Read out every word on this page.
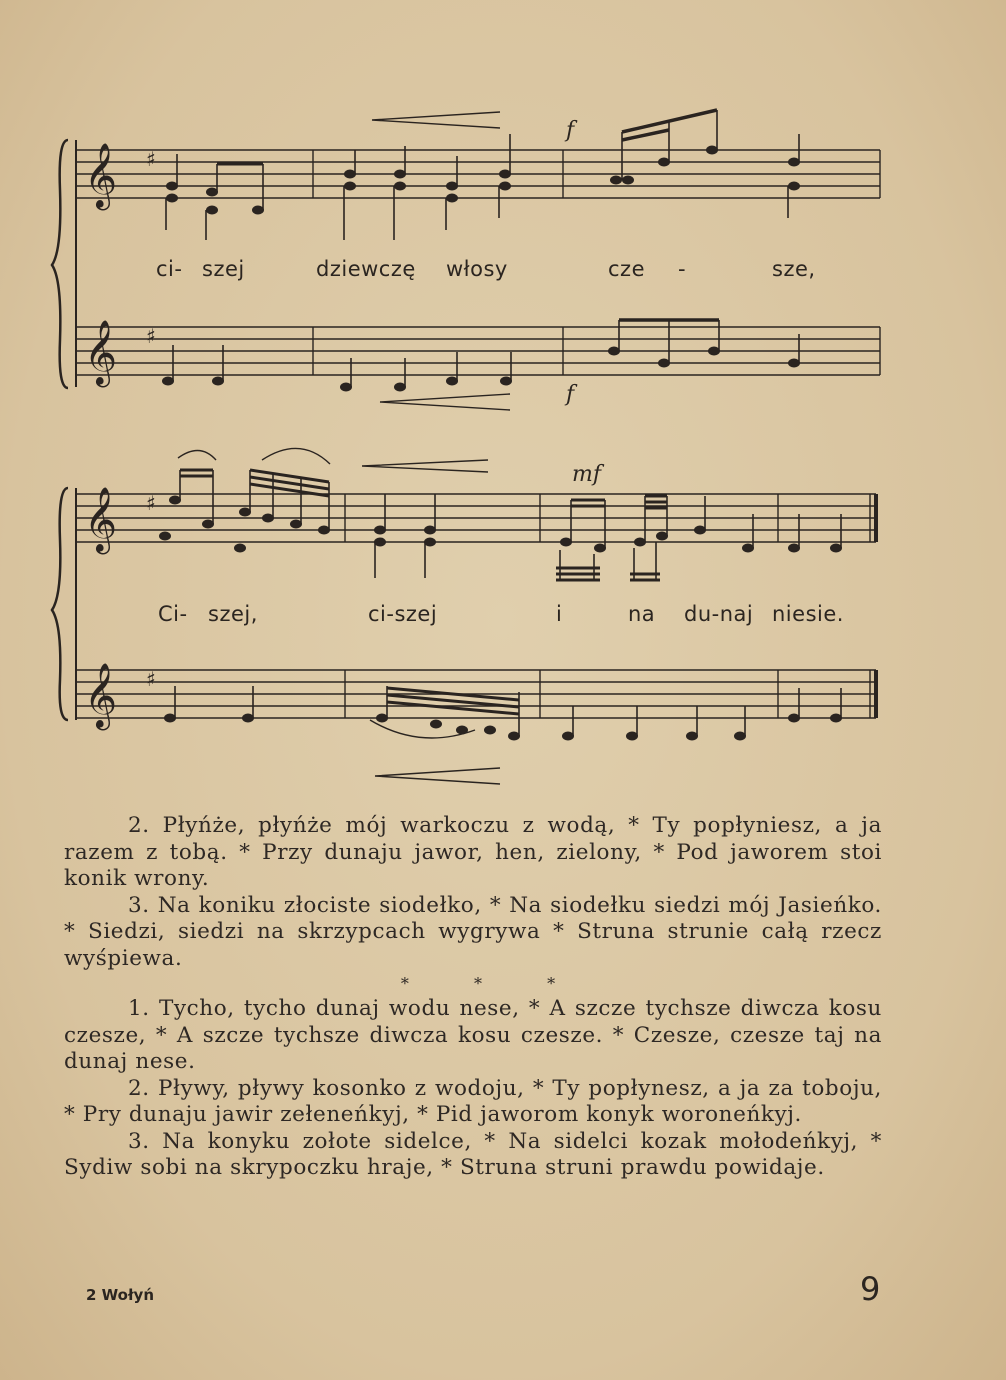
𝄞
𝄞
♯
♯
ci- szej	dziewczę włosy	cze -	sze,
f
f
𝄞
𝄞
♯
♯
Ci- szej,	ci-szej	i	na du-naj niesie.
mf

2. Płyńże, płyńże mój warkoczu z wodą, * Ty popłyniesz, a ja razem z tobą. * Przy dunaju jawor, hen, zielony, * Pod jaworem stoi konik wrony.

3. Na koniku złociste siodełko, * Na siodełku siedzi mój Jasieńko. * Siedzi, siedzi na skrzypcach wygrywa * Struna strunie całą rzecz wyśpiewa.

* * *

1. Tycho, tycho dunaj wodu nese, * A szcze tychsze diwcza kosu czesze, * A szcze tychsze diwcza kosu czesze. * Czesze, czesze taj na dunaj nese.

2. Pływy, pływy kosonko z wodoju, * Ty popłynesz, a ja za toboju, * Pry dunaju jawir zełeneńkyj, * Pid jaworom konyk woroneńkyj.

3. Na konyku zołote sidelce, * Na sidelci kozak mołodeńkyj, * Sydiw sobi na skrypoczku hraje, * Struna struni prawdu powidaje.

2 Wołyń	9
